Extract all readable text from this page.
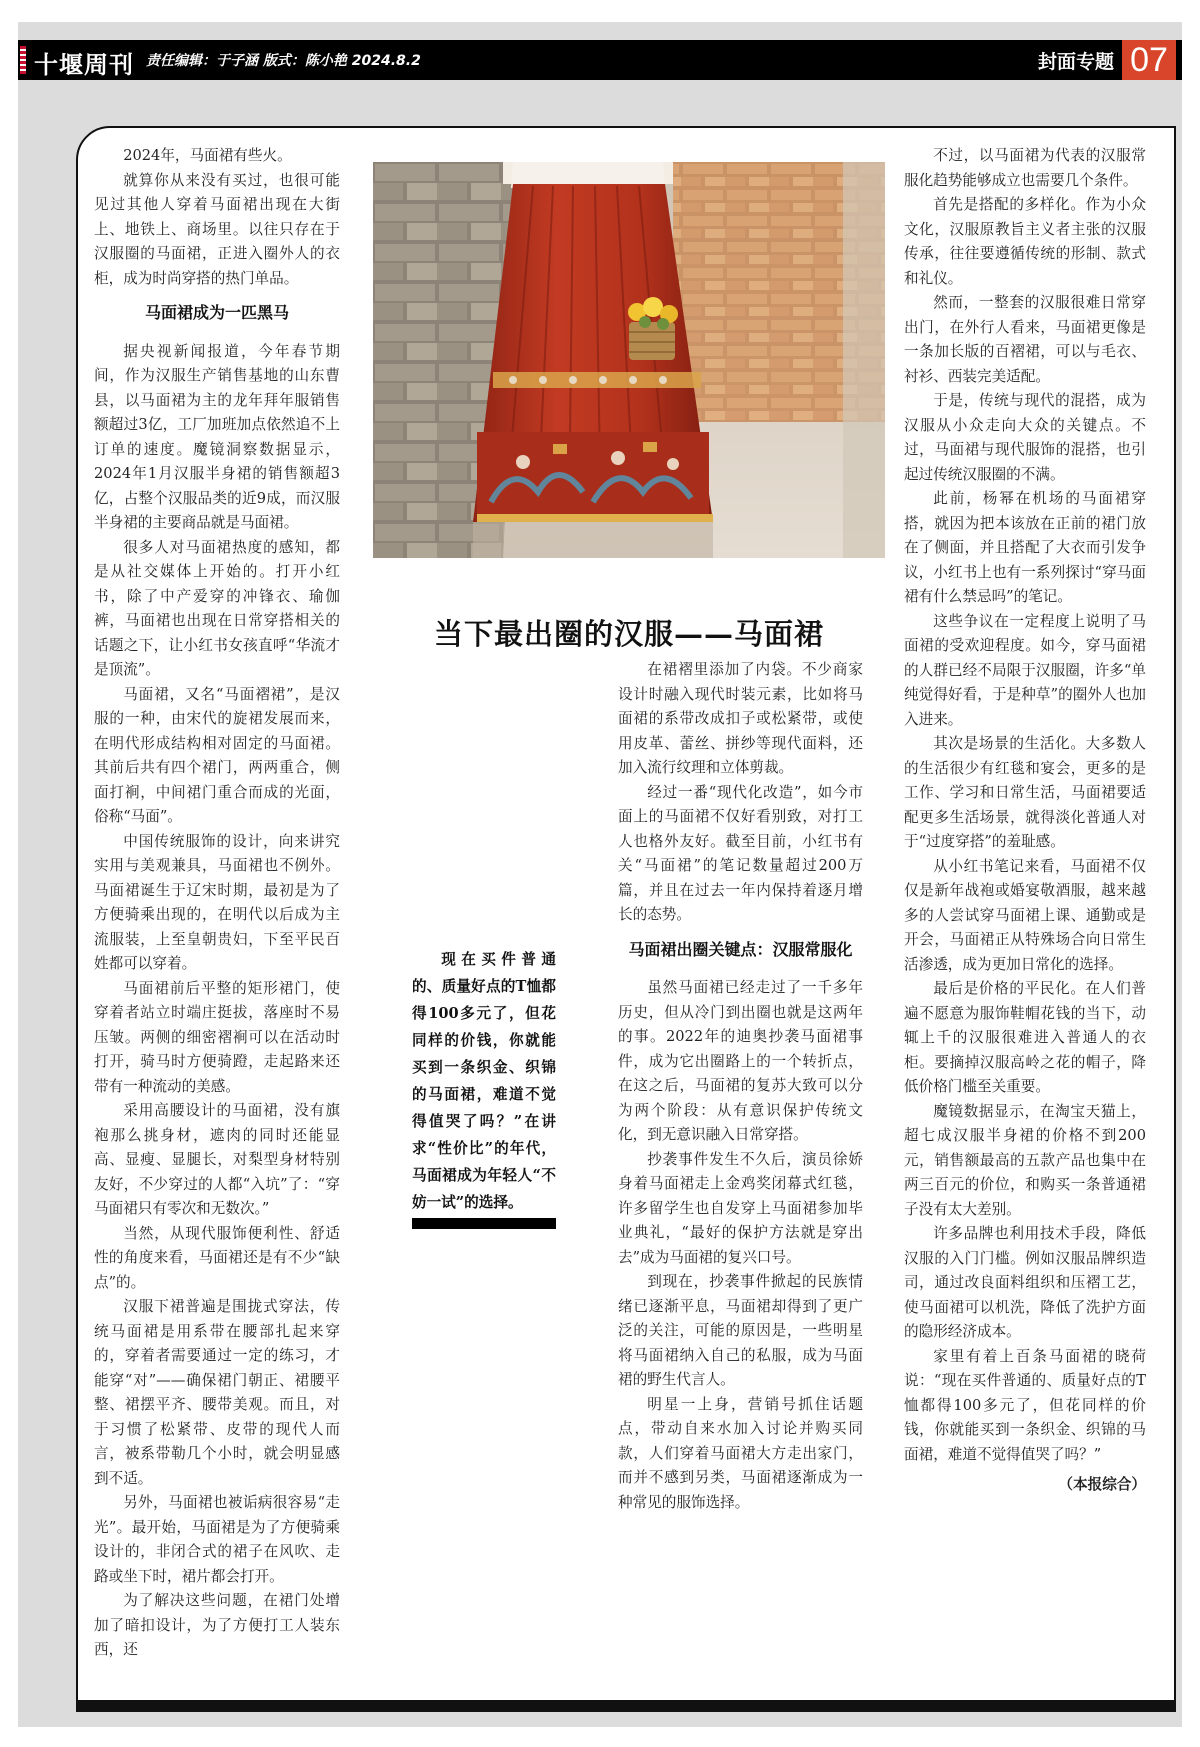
十堰周刊 责任编辑：于子涵 版式：陈小艳 2024.8.2	封面专题 07

2024年，马面裙有些火。

就算你从来没有买过，也很可能见过其他人穿着马面裙出现在大街上、地铁上、商场里。以往只存在于汉服圈的马面裙，正进入圈外人的衣柜，成为时尚穿搭的热门单品。

马面裙成为一匹黑马

据央视新闻报道，今年春节期间，作为汉服生产销售基地的山东曹县，以马面裙为主的龙年拜年服销售额超过3亿，工厂加班加点依然追不上订单的速度。魔镜洞察数据显示，2024年1月汉服半身裙的销售额超3亿，占整个汉服品类的近9成，而汉服半身裙的主要商品就是马面裙。

很多人对马面裙热度的感知，都是从社交媒体上开始的。打开小红书，除了中产爱穿的冲锋衣、瑜伽裤，马面裙也出现在日常穿搭相关的话题之下，让小红书女孩直呼“华流才是顶流”。

马面裙，又名“马面褶裙”，是汉服的一种，由宋代的旋裙发展而来，在明代形成结构相对固定的马面裙。其前后共有四个裙门，两两重合，侧面打裥，中间裙门重合而成的光面，俗称“马面”。

中国传统服饰的设计，向来讲究实用与美观兼具，马面裙也不例外。马面裙诞生于辽宋时期，最初是为了方便骑乘出现的，在明代以后成为主流服装，上至皇朝贵妇，下至平民百姓都可以穿着。

马面裙前后平整的矩形裙门，使穿着者站立时端庄挺拔，落座时不易压皱。两侧的细密褶裥可以在活动时打开，骑马时方便骑蹬，走起路来还带有一种流动的美感。

采用高腰设计的马面裙，没有旗袍那么挑身材，遮肉的同时还能显高、显瘦、显腿长，对梨型身材特别友好，不少穿过的人都“入坑”了：“穿马面裙只有零次和无数次。”

当然，从现代服饰便利性、舒适性的角度来看，马面裙还是有不少“缺点”的。

汉服下裙普遍是围拢式穿法，传统马面裙是用系带在腰部扎起来穿的，穿着者需要通过一定的练习，才能穿“对”——确保裙门朝正、裙腰平整、裙摆平齐、腰带美观。而且，对于习惯了松紧带、皮带的现代人而言，被系带勒几个小时，就会明显感到不适。

另外，马面裙也被诟病很容易“走光”。最开始，马面裙是为了方便骑乘设计的，非闭合式的裙子在风吹、走路或坐下时，裙片都会打开。

为了解决这些问题，在裙门处增加了暗扣设计，为了方便打工人装东西，还

当下最出圈的汉服——马面裙
现在买件普通的、质量好点的T恤都得100多元了，但花同样的价钱，你就能买到一条织金、织锦的马面裙，难道不觉得值哭了吗？”在讲求“性价比”的年代，马面裙成为年轻人“不妨一试”的选择。

在裙褶里添加了内袋。不少商家设计时融入现代时装元素，比如将马面裙的系带改成扣子或松紧带，或使用皮革、蕾丝、拼纱等现代面料，还加入流行纹理和立体剪裁。

经过一番“现代化改造”，如今市面上的马面裙不仅好看别致，对打工人也格外友好。截至目前，小红书有关“马面裙”的笔记数量超过200万篇，并且在过去一年内保持着逐月增长的态势。

马面裙出圈关键点：汉服常服化

虽然马面裙已经走过了一千多年历史，但从冷门到出圈也就是这两年的事。2022年的迪奥抄袭马面裙事件，成为它出圈路上的一个转折点，在这之后，马面裙的复苏大致可以分为两个阶段：从有意识保护传统文化，到无意识融入日常穿搭。

抄袭事件发生不久后，演员徐娇身着马面裙走上金鸡奖闭幕式红毯，许多留学生也自发穿上马面裙参加毕业典礼，“最好的保护方法就是穿出去”成为马面裙的复兴口号。

到现在，抄袭事件掀起的民族情绪已逐渐平息，马面裙却得到了更广泛的关注，可能的原因是，一些明星将马面裙纳入自己的私服，成为马面裙的野生代言人。

明星一上身，营销号抓住话题点，带动自来水加入讨论并购买同款，人们穿着马面裙大方走出家门，而并不感到另类，马面裙逐渐成为一种常见的服饰选择。

不过，以马面裙为代表的汉服常服化趋势能够成立也需要几个条件。

首先是搭配的多样化。作为小众文化，汉服原教旨主义者主张的汉服传承，往往要遵循传统的形制、款式和礼仪。

然而，一整套的汉服很难日常穿出门，在外行人看来，马面裙更像是一条加长版的百褶裙，可以与毛衣、衬衫、西装完美适配。

于是，传统与现代的混搭，成为汉服从小众走向大众的关键点。不过，马面裙与现代服饰的混搭，也引起过传统汉服圈的不满。

此前，杨幂在机场的马面裙穿搭，就因为把本该放在正前的裙门放在了侧面，并且搭配了大衣而引发争议，小红书上也有一系列探讨“穿马面裙有什么禁忌吗”的笔记。

这些争议在一定程度上说明了马面裙的受欢迎程度。如今，穿马面裙的人群已经不局限于汉服圈，许多“单纯觉得好看，于是种草”的圈外人也加入进来。

其次是场景的生活化。大多数人的生活很少有红毯和宴会，更多的是工作、学习和日常生活，马面裙要适配更多生活场景，就得淡化普通人对于“过度穿搭”的羞耻感。

从小红书笔记来看，马面裙不仅仅是新年战袍或婚宴敬酒服，越来越多的人尝试穿马面裙上课、通勤或是开会，马面裙正从特殊场合向日常生活渗透，成为更加日常化的选择。

最后是价格的平民化。在人们普遍不愿意为服饰鞋帽花钱的当下，动辄上千的汉服很难进入普通人的衣柜。要摘掉汉服高岭之花的帽子，降低价格门槛至关重要。

魔镜数据显示，在淘宝天猫上，超七成汉服半身裙的价格不到200元，销售额最高的五款产品也集中在两三百元的价位，和购买一条普通裙子没有太大差别。

许多品牌也利用技术手段，降低汉服的入门门槛。例如汉服品牌织造司，通过改良面料组织和压褶工艺，使马面裙可以机洗，降低了洗护方面的隐形经济成本。

家里有着上百条马面裙的晓荷说：“现在买件普通的、质量好点的T恤都得100多元了，但花同样的价钱，你就能买到一条织金、织锦的马面裙，难道不觉得值哭了吗？”

（本报综合）
